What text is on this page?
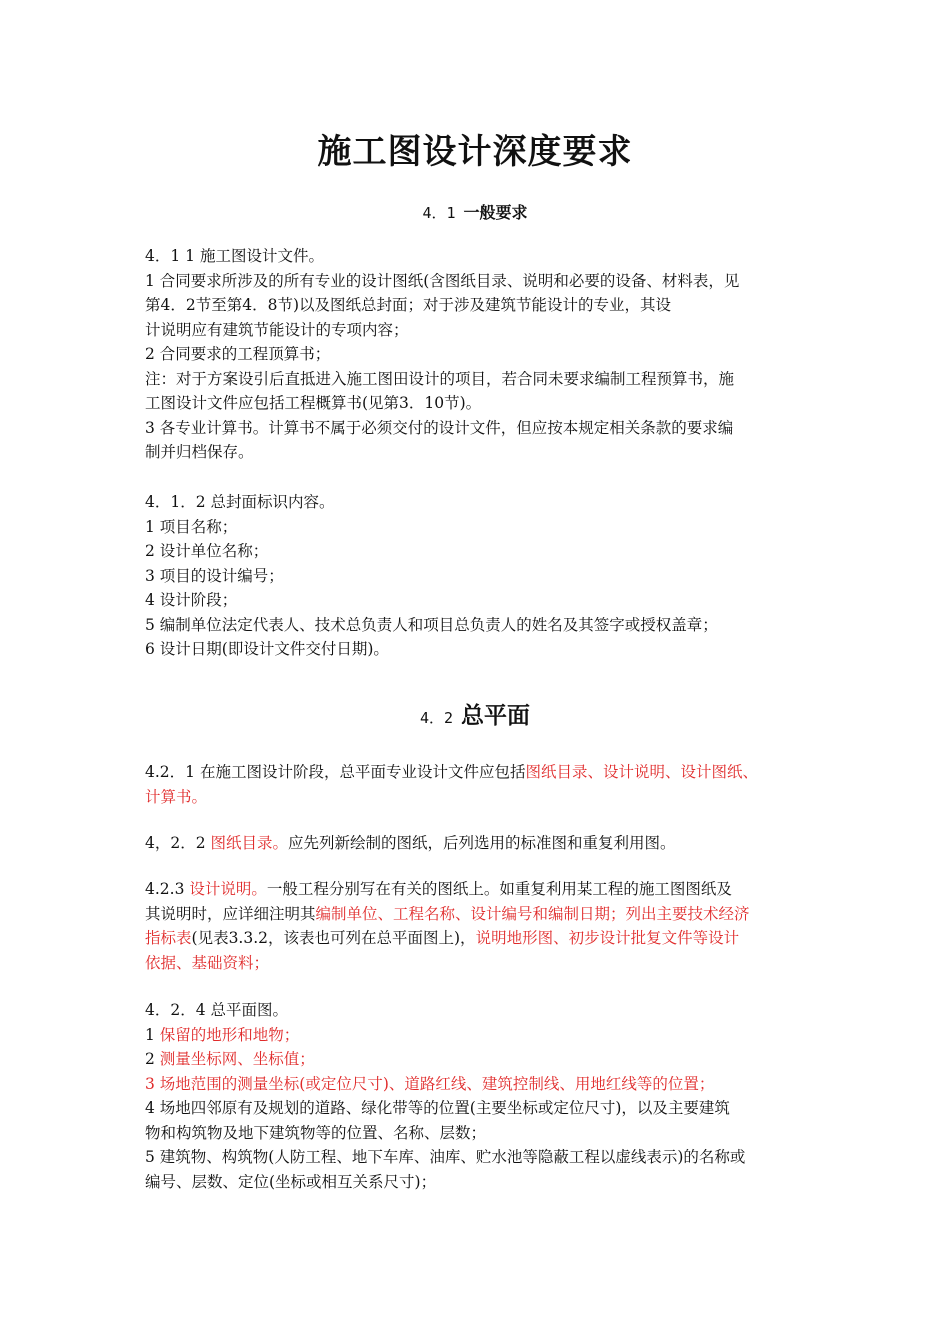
施工图设计深度要求
4．1 一般要求
4．1 1 施工图设计文件。
1 合同要求所涉及的所有专业的设计图纸(含图纸目录、说明和必要的设备、材料表，见
第4．2节至第4．8节)以及图纸总封面；对于涉及建筑节能设计的专业，其设
计说明应有建筑节能设计的专项内容；
2 合同要求的工程顶算书；
注：对于方案设引后直抵进入施工图田设计的项目，若合同未要求编制工程预算书，施
工图设计文件应包括工程概算书(见第3．10节)。
3 各专业计算书。计算书不属于必须交付的设计文件，但应按本规定相关条款的要求编
制并归档保存。
4．1．2 总封面标识内容。
1 项目名称；
2 设计单位名称；
3 项目的设计编号；
4 设计阶段；
5 编制单位法定代表人、技术总负责人和项目总负责人的姓名及其签字或授权盖章；
6 设计日期(即设计文件交付日期)。
4．2 总平面
4.2．1 在施工图设计阶段，总平面专业设计文件应包括图纸目录、设计说明、设计图纸、
计算书。
4，2．2 图纸目录。应先列新绘制的图纸，后列选用的标准图和重复利用图。
4.2.3 设计说明。一般工程分别写在有关的图纸上。如重复利用某工程的施工图图纸及
其说明时，应详细注明其编制单位、工程名称、设计编号和编制日期；列出主要技术经济
指标表(见表3.3.2，该表也可列在总平面图上)，说明地形图、初步设计批复文件等设计
依据、基础资料；
4．2．4 总平面图。
1 保留的地形和地物；
2 测量坐标网、坐标值；
3 场地范围的测量坐标(或定位尺寸)、道路红线、建筑控制线、用地红线等的位置；
4 场地四邻原有及规划的道路、绿化带等的位置(主要坐标或定位尺寸)，以及主要建筑
物和构筑物及地下建筑物等的位置、名称、层数；
5 建筑物、构筑物(人防工程、地下车库、油库、贮水池等隐蔽工程以虚线表示)的名称或
编号、层数、定位(坐标或相互关系尺寸)；
